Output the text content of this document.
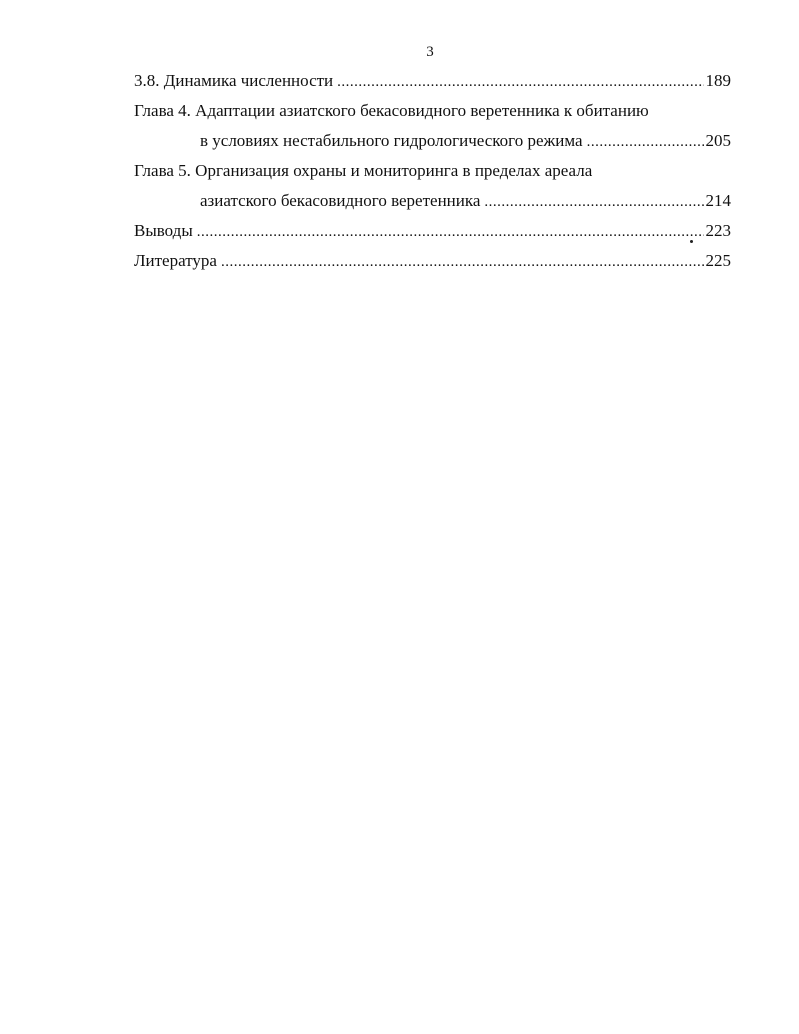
3
3.8. Динамика численности .....	189
Глава 4. Адаптации азиатского бекасовидного веретенника к обитанию
в условиях нестабильного гидрологического режима .....	205
Глава 5. Организация охраны и мониторинга в пределах ареала
азиатского бекасовидного веретенника .....	214
Выводы .....	223
Литература .....	225
